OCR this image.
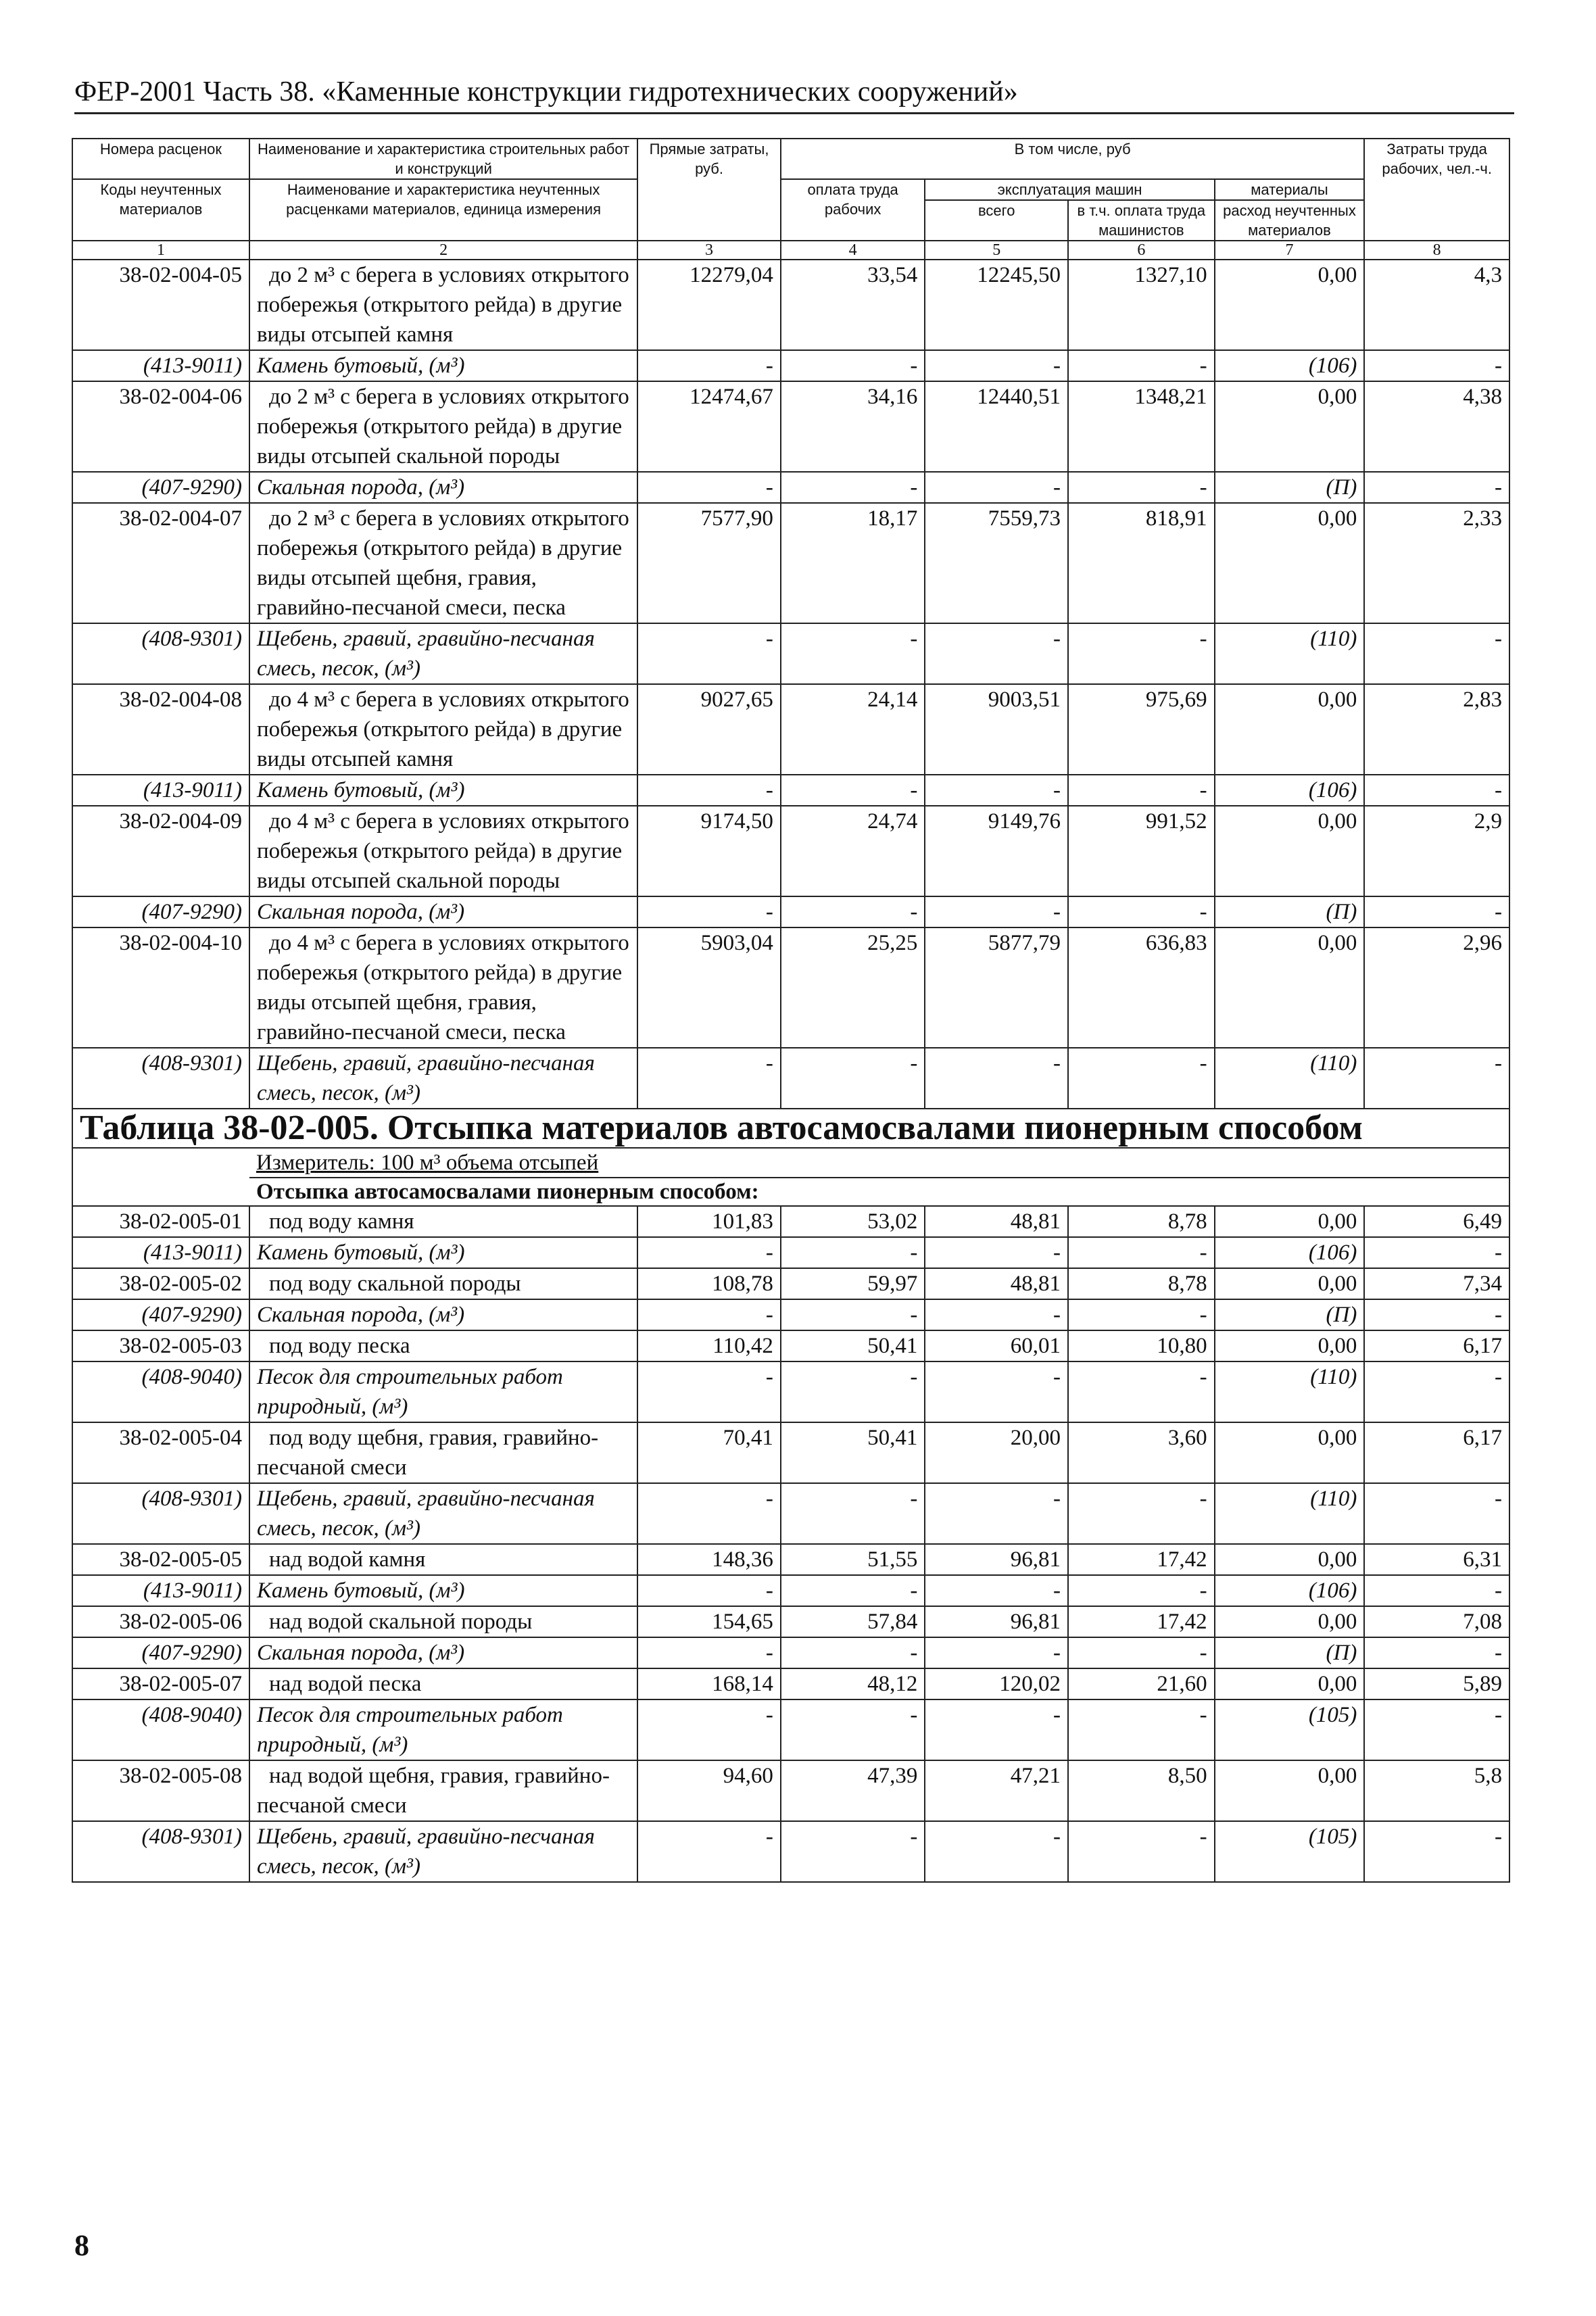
ФЕР-2001 Часть 38. «Каменные конструкции гидротехнических сооружений»
Номера расценок	Наименование и характеристика строительных работ и конструкций	Прямые затраты, руб.	В том числе, руб				Затраты труда рабочих, чел.-ч.
Коды неучтенных материалов	Наименование и характеристика неучтенных расценками материалов, единица измерения		оплата труда рабочих	эксплуатация машин		материалы	
				всего	в т.ч. оплата труда машинистов	расход неучтенных материалов	
1	2	3	4	5	6	7	8
38-02-004-05	до 2 м³ с берега в условиях открытого побережья (открытого рейда) в другие виды отсыпей камня	12279,04	33,54	12245,50	1327,10	0,00	4,3
(413-9011)	Камень бутовый, (м³)	-	-	-	-	(106)	-
38-02-004-06	до 2 м³ с берега в условиях открытого побережья (открытого рейда) в другие виды отсыпей скальной породы	12474,67	34,16	12440,51	1348,21	0,00	4,38
(407-9290)	Скальная порода, (м³)	-	-	-	-	(П)	-
38-02-004-07	до 2 м³ с берега в условиях открытого побережья (открытого рейда) в другие виды отсыпей щебня, гравия, гравийно-песчаной смеси, песка	7577,90	18,17	7559,73	818,91	0,00	2,33
(408-9301)	Щебень, гравий, гравийно-песчаная смесь, песок, (м³)	-	-	-	-	(110)	-
38-02-004-08	до 4 м³ с берега в условиях открытого побережья (открытого рейда) в другие виды отсыпей камня	9027,65	24,14	9003,51	975,69	0,00	2,83
(413-9011)	Камень бутовый, (м³)	-	-	-	-	(106)	-
38-02-004-09	до 4 м³ с берега в условиях открытого побережья (открытого рейда) в другие виды отсыпей скальной породы	9174,50	24,74	9149,76	991,52	0,00	2,9
(407-9290)	Скальная порода, (м³)	-	-	-	-	(П)	-
38-02-004-10	до 4 м³ с берега в условиях открытого побережья (открытого рейда) в другие виды отсыпей щебня, гравия, гравийно-песчаной смеси, песка	5903,04	25,25	5877,79	636,83	0,00	2,96
(408-9301)	Щебень, гравий, гравийно-песчаная смесь, песок, (м³)	-	-	-	-	(110)	-
Таблица 38-02-005. Отсыпка материалов автосамосвалами пионерным способом							
	Измеритель: 100 м³ объема отсыпей						
	Отсыпка автосамосвалами пионерным способом:						
38-02-005-01	под воду камня	101,83	53,02	48,81	8,78	0,00	6,49
(413-9011)	Камень бутовый, (м³)	-	-	-	-	(106)	-
38-02-005-02	под воду скальной породы	108,78	59,97	48,81	8,78	0,00	7,34
(407-9290)	Скальная порода, (м³)	-	-	-	-	(П)	-
38-02-005-03	под воду песка	110,42	50,41	60,01	10,80	0,00	6,17
(408-9040)	Песок для строительных работ природный, (м³)	-	-	-	-	(110)	-
38-02-005-04	под воду щебня, гравия, гравийно-песчаной смеси	70,41	50,41	20,00	3,60	0,00	6,17
(408-9301)	Щебень, гравий, гравийно-песчаная смесь, песок, (м³)	-	-	-	-	(110)	-
38-02-005-05	над водой камня	148,36	51,55	96,81	17,42	0,00	6,31
(413-9011)	Камень бутовый, (м³)	-	-	-	-	(106)	-
38-02-005-06	над водой скальной породы	154,65	57,84	96,81	17,42	0,00	7,08
(407-9290)	Скальная порода, (м³)	-	-	-	-	(П)	-
38-02-005-07	над водой песка	168,14	48,12	120,02	21,60	0,00	5,89
(408-9040)	Песок для строительных работ природный, (м³)	-	-	-	-	(105)	-
38-02-005-08	над водой щебня, гравия, гравийно-песчаной смеси	94,60	47,39	47,21	8,50	0,00	5,8
(408-9301)	Щебень, гравий, гравийно-песчаная смесь, песок, (м³)	-	-	-	-	(105)	-
8
